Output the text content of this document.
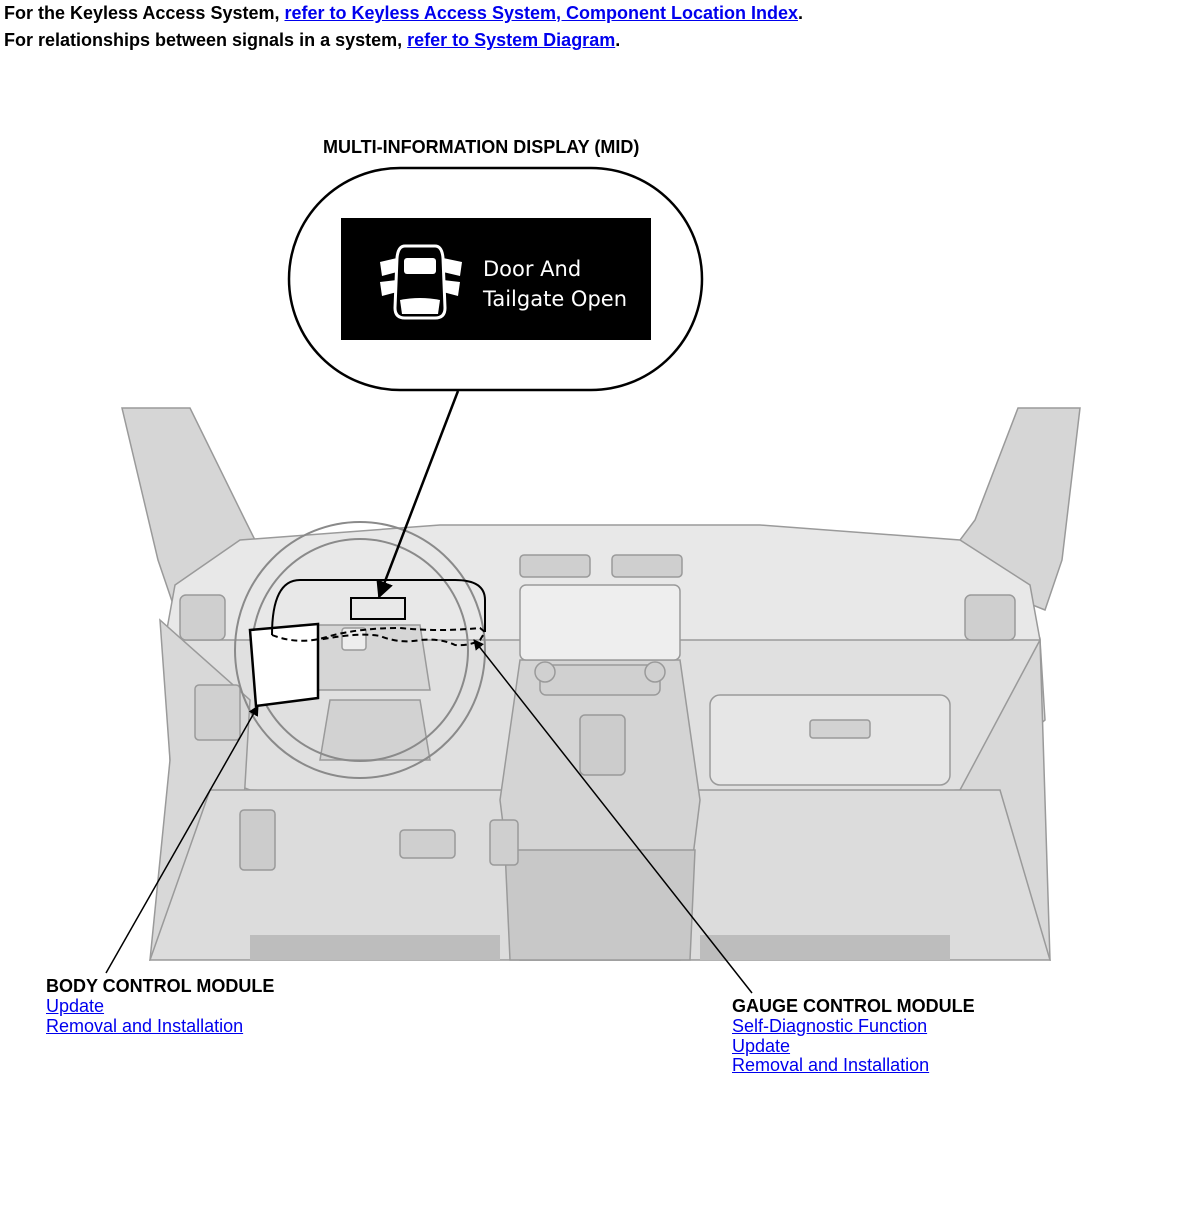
For the Keyless Access System, refer to Keyless Access System, Component Location Index.
For relationships between signals in a system, refer to System Diagram.
Door And
Tailgate Open
MULTI-INFORMATION DISPLAY (MID)
BODY CONTROL MODULE
Update
Removal and Installation
GAUGE CONTROL MODULE
Self-Diagnostic Function
Update
Removal and Installation
